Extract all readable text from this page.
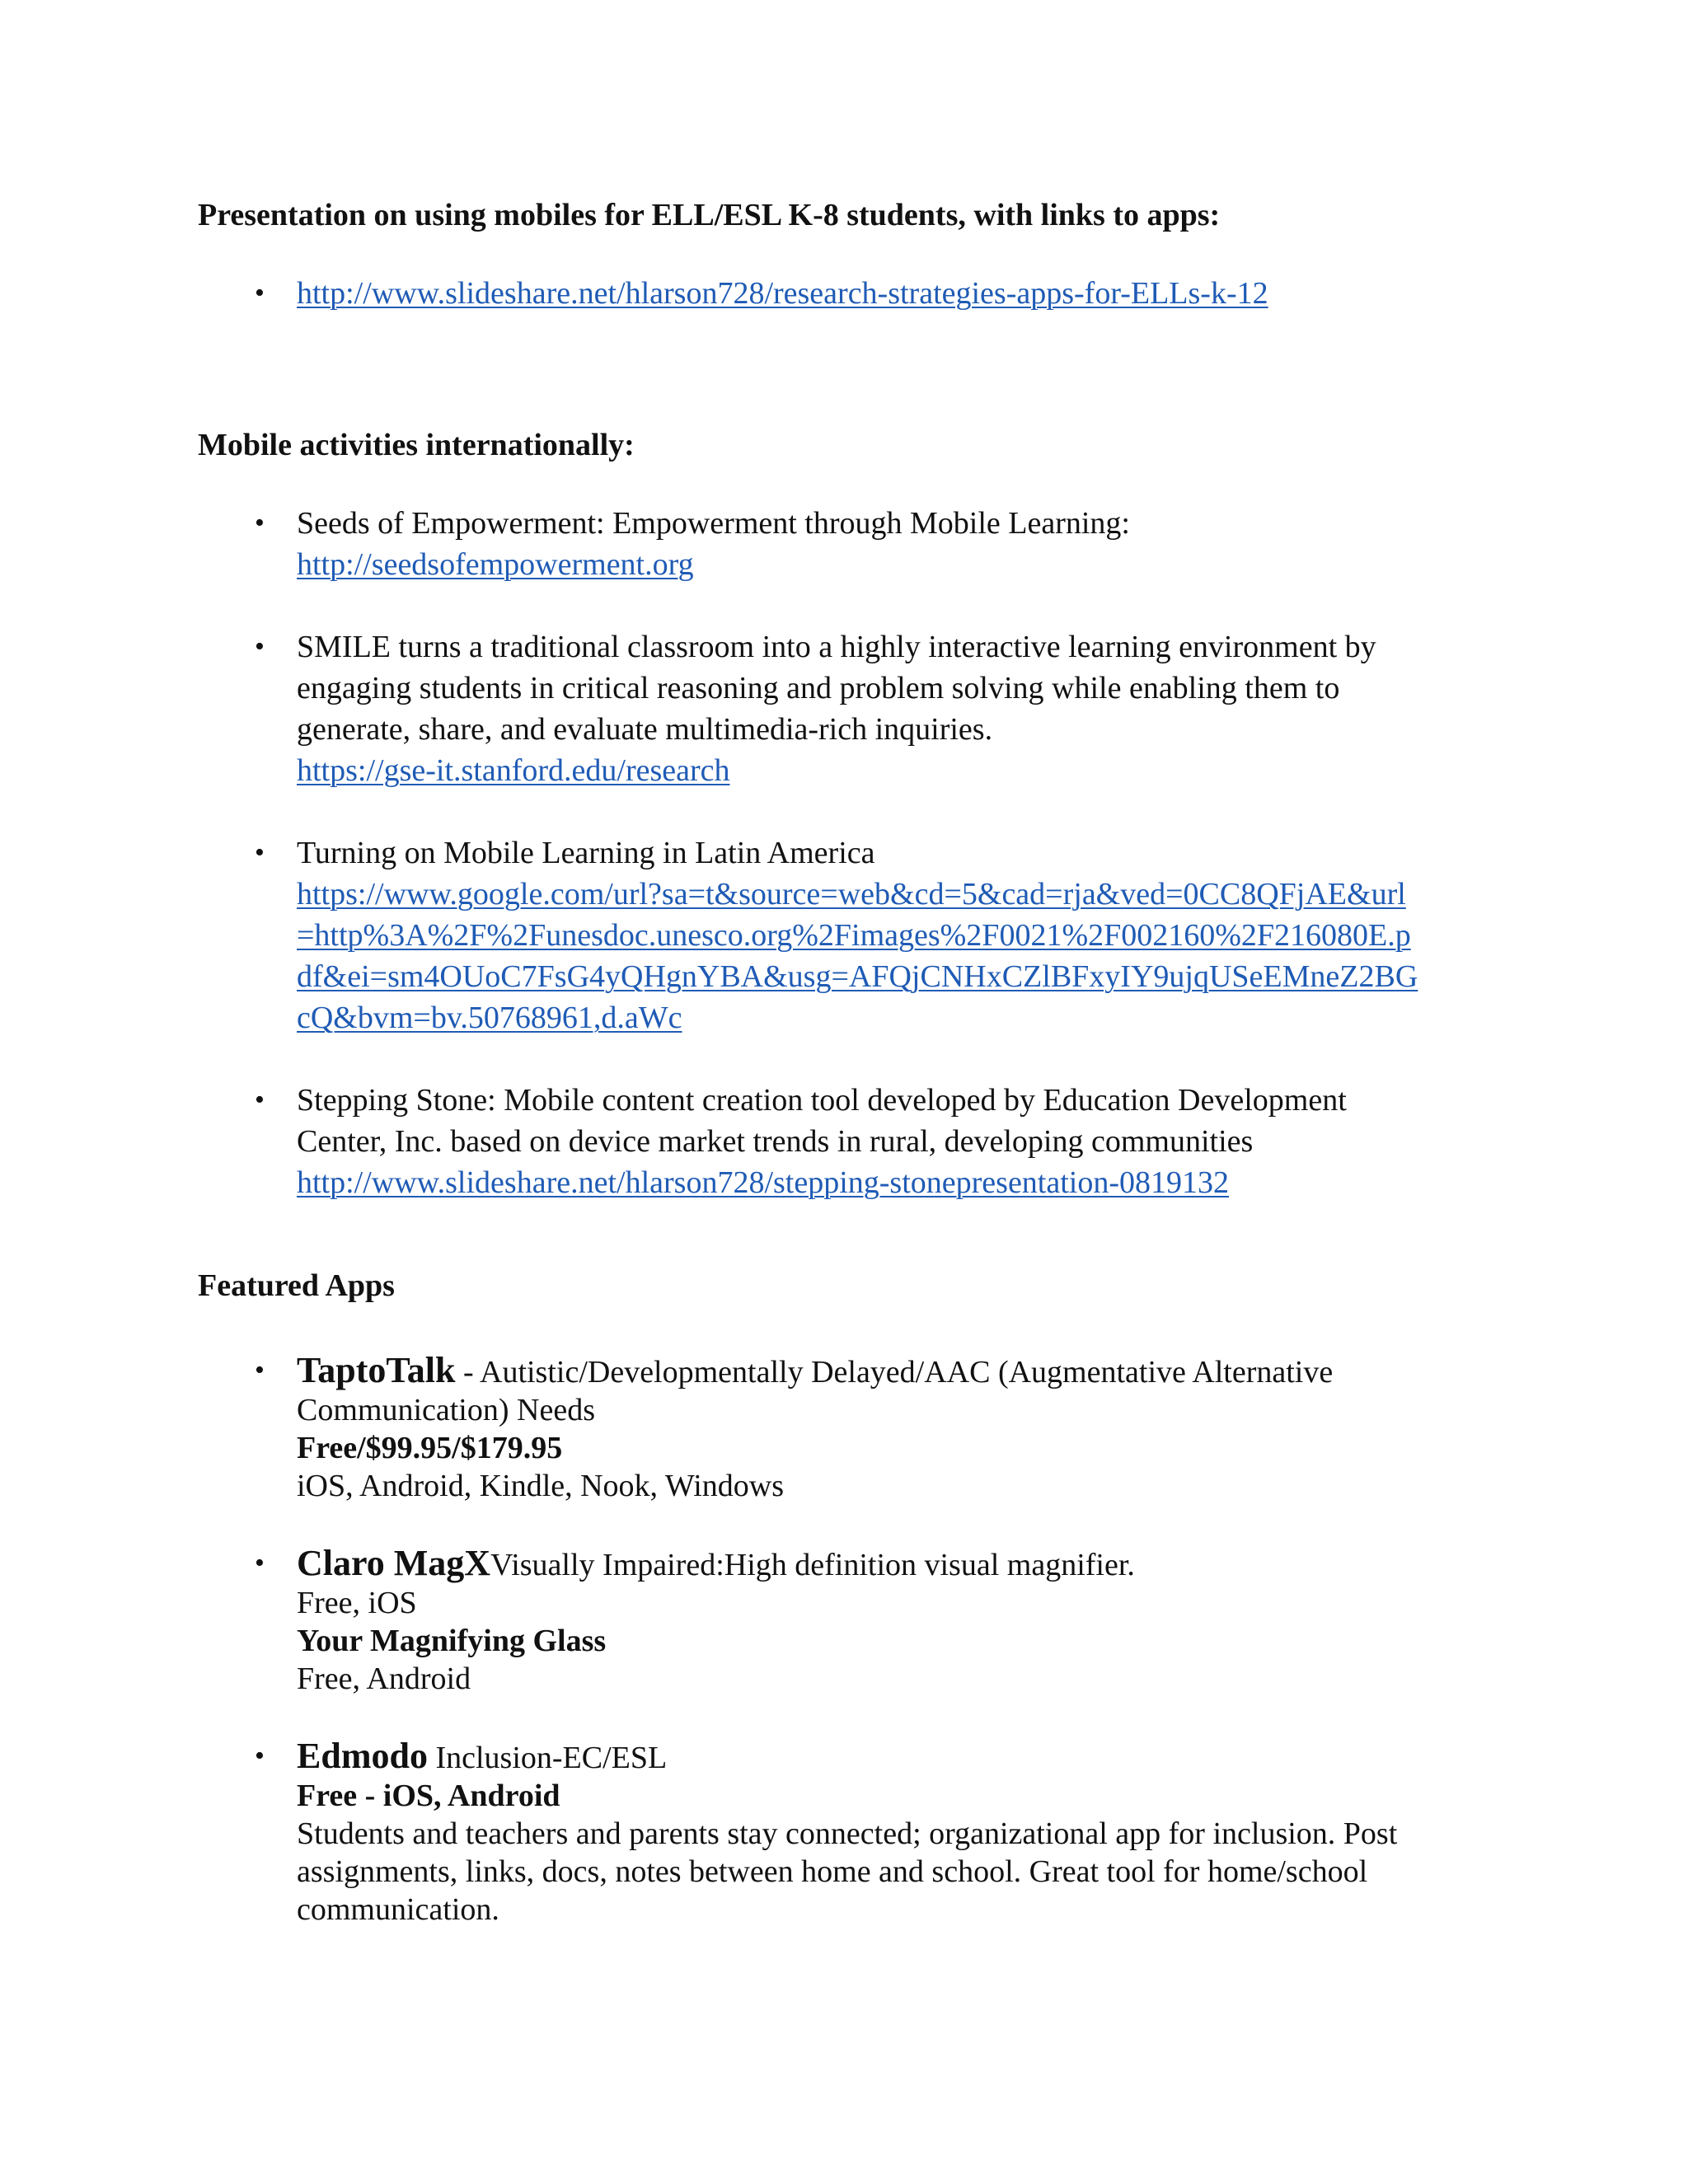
Presentation on using mobiles for ELL/ESL K-8 students, with links to apps:
• http://www.slideshare.net/hlarson728/research-strategies-apps-for-ELLs-k-12
Mobile activities internationally:
• Seeds of Empowerment: Empowerment through Mobile Learning:
http://seedsofempowerment.org
• SMILE turns a traditional classroom into a highly interactive learning environment by
engaging students in critical reasoning and problem solving while enabling them to
generate, share, and evaluate multimedia-rich inquiries.
https://gse-it.stanford.edu/research
• Turning on Mobile Learning in Latin America
https://www.google.com/url?sa=t&source=web&cd=5&cad=rja&ved=0CC8QFjAE&url
=http%3A%2F%2Funesdoc.unesco.org%2Fimages%2F0021%2F002160%2F216080E.p
df&ei=sm4OUoC7FsG4yQHgnYBA&usg=AFQjCNHxCZlBFxyIY9ujqUSeEMneZ2BG
cQ&bvm=bv.50768961,d.aWc
• Stepping Stone: Mobile content creation tool developed by Education Development
Center, Inc. based on device market trends in rural, developing communities
http://www.slideshare.net/hlarson728/stepping-stonepresentation-0819132
Featured Apps
• TaptoTalk - Autistic/Developmentally Delayed/AAC (Augmentative Alternative
Communication) Needs
Free/$99.95/$179.95
iOS, Android, Kindle, Nook, Windows
• Claro MagXVisually Impaired:High definition visual magnifier.
Free, iOS
Your Magnifying Glass
Free, Android
• Edmodo Inclusion-EC/ESL
Free - iOS, Android
Students and teachers and parents stay connected; organizational app for inclusion. Post
assignments, links, docs, notes between home and school. Great tool for home/school
communication.
